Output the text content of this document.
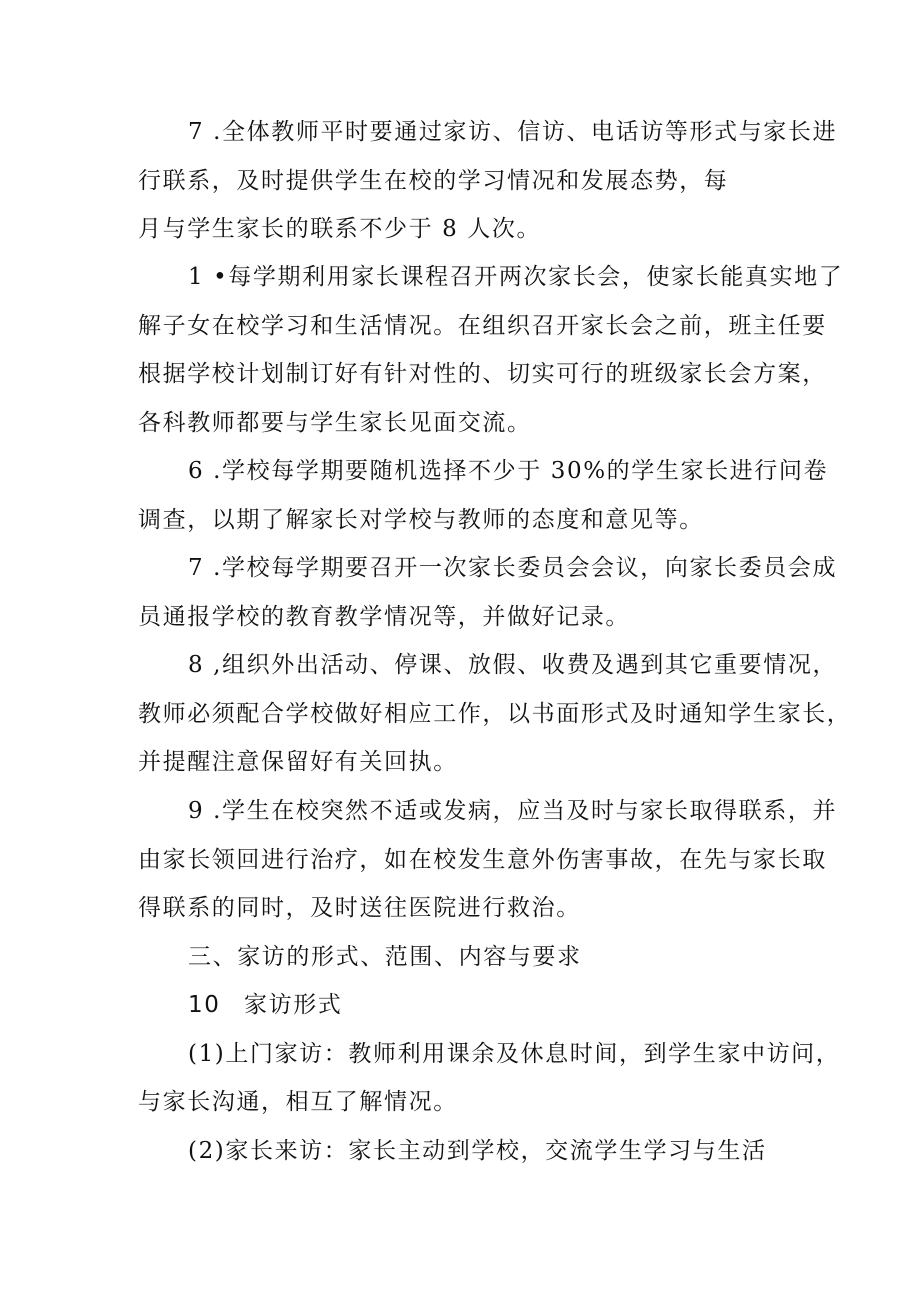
7 .全体教师平时要通过家访、信访、电话访等形式与家长进
行联系，及时提供学生在校的学习情况和发展态势，每
月与学生家长的联系不少于 8 人次。
1 •每学期利用家长课程召开两次家长会，使家长能真实地了
解子女在校学习和生活情况。在组织召开家长会之前，班主任要
根据学校计划制订好有针对性的、切实可行的班级家长会方案，
各科教师都要与学生家长见面交流。
6 .学校每学期要随机选择不少于 30%的学生家长进行问卷
调查，以期了解家长对学校与教师的态度和意见等。
7 .学校每学期要召开一次家长委员会会议，向家长委员会成
员通报学校的教育教学情况等，并做好记录。
8 ,组织外出活动、停课、放假、收费及遇到其它重要情况，
教师必须配合学校做好相应工作，以书面形式及时通知学生家长，
并提醒注意保留好有关回执。
9 .学生在校突然不适或发病，应当及时与家长取得联系，并
由家长领回进行治疗，如在校发生意外伤害事故，在先与家长取
得联系的同时，及时送往医院进行救治。
三、家访的形式、范围、内容与要求
10 家访形式
(1)上门家访：教师利用课余及休息时间，到学生家中访问，
与家长沟通，相互了解情况。
(2)家长来访：家长主动到学校，交流学生学习与生活
